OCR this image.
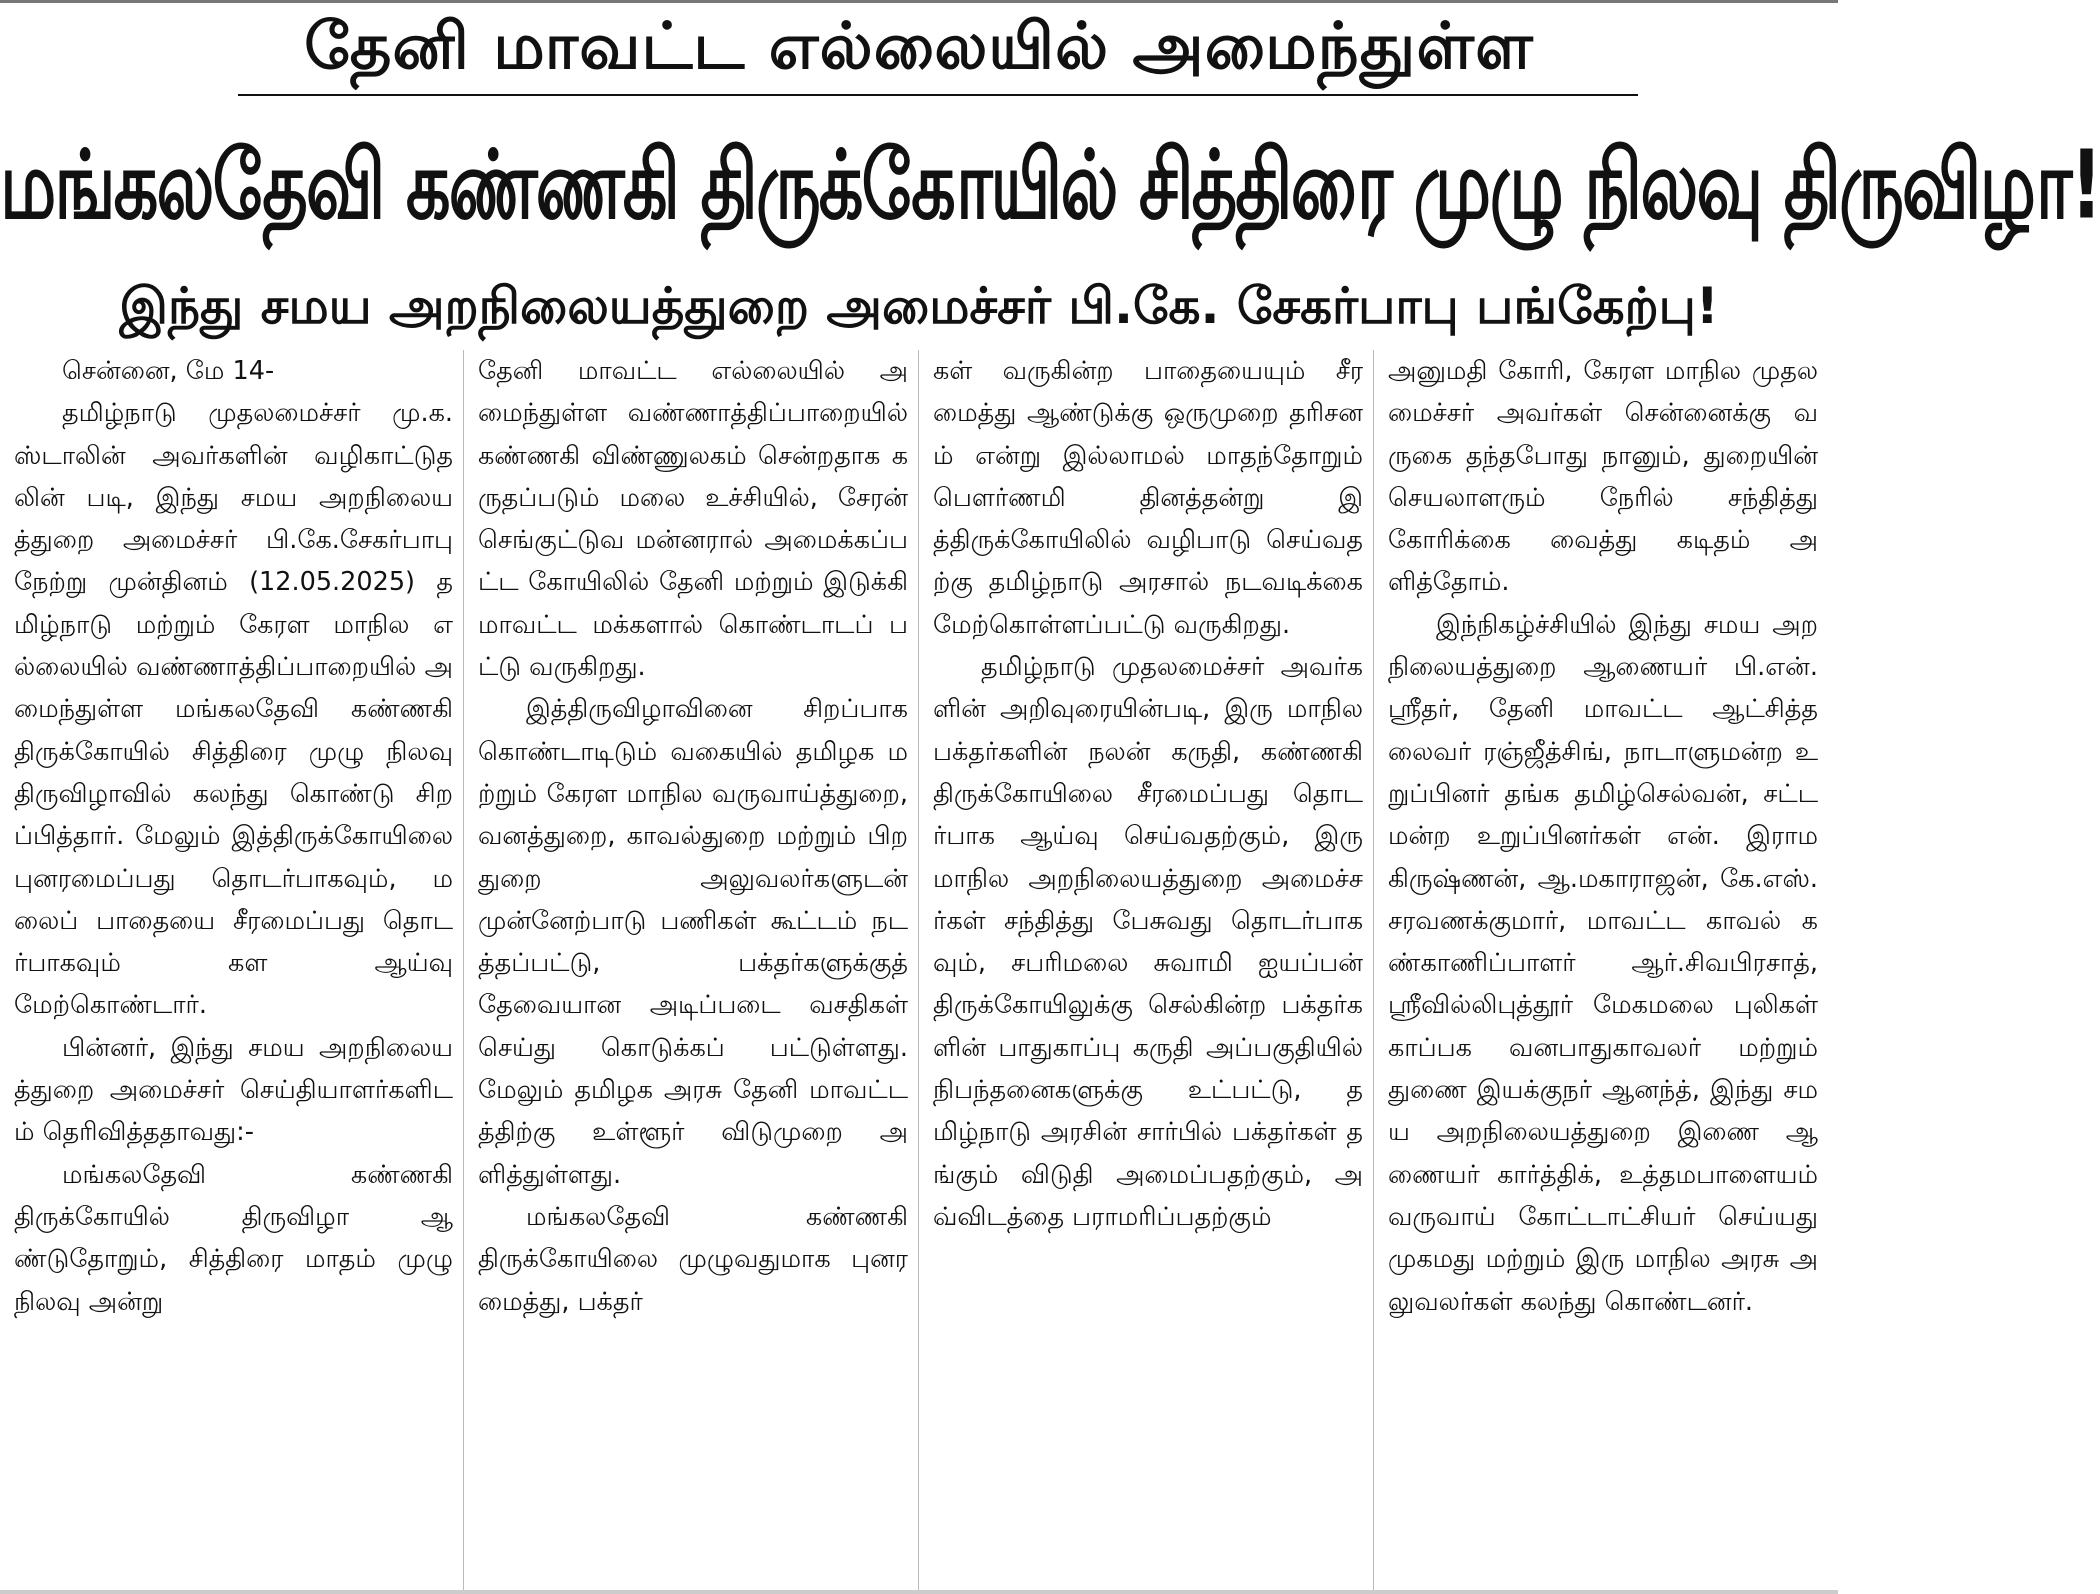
தேனி மாவட்ட எல்லையில் அமைந்துள்ள
மங்கலதேவி கண்ணகி திருக்கோயில் சித்திரை முழு நிலவு திருவிழா!
இந்து சமய அறநிலையத்துறை அமைச்சர் பி.கே. சேகர்பாபு பங்கேற்பு!

சென்னை, மே 14-

தமிழ்நாடு முதலமைச்சர் மு.க.ஸ்டாலின் அவர்களின் வழிகாட்டுதலின் படி, இந்து சமய அறநிலையத்துறை அமைச்சர் பி.கே.சேகர்பாபு நேற்று முன்தினம் (12.05.2025) தமிழ்நாடு மற்றும் கேரள மாநில எல்லையில் வண்ணாத்திப்பாறையில் அமைந்துள்ள மங்கலதேவி கண்ணகி திருக்கோயில் சித்திரை முழு நிலவு திருவிழாவில் கலந்து கொண்டு சிறப்பித்தார். மேலும் இத்திருக்கோயிலை புனரமைப்பது தொடர்பாகவும், மலைப் பாதையை சீரமைப்பது தொடர்பாகவும் கள ஆய்வு மேற்கொண்டார்.

பின்னர், இந்து சமய அறநிலையத்துறை அமைச்சர் செய்தியாளர்களிடம் தெரிவித்ததாவது:-

மங்கலதேவி கண்ணகி திருக்கோயில் திருவிழா ஆண்டுதோறும், சித்திரை மாதம் முழு நிலவு அன்று

தேனி மாவட்ட எல்லையில் அமைந்துள்ள வண்ணாத்திப்பாறையில் கண்ணகி விண்ணுலகம் சென்றதாக கருதப்படும் மலை உச்சியில், சேரன் செங்குட்டுவ மன்னரால் அமைக்கப்பட்ட கோயிலில் தேனி மற்றும் இடுக்கி மாவட்ட மக்களால் கொண்டாடப் பட்டு வருகிறது.

இத்திருவிழாவினை சிறப்பாக கொண்டாடிடும் வகையில் தமிழக மற்றும் கேரள மாநில வருவாய்த்துறை, வனத்துறை, காவல்துறை மற்றும் பிற துறை அலுவலர்களுடன் முன்னேற்பாடு பணிகள் கூட்டம் நடத்தப்பட்டு, பக்தர்களுக்குத் தேவையான அடிப்படை வசதிகள் செய்து கொடுக்கப் பட்டுள்ளது. மேலும் தமிழக அரசு தேனி மாவட்டத்திற்கு உள்ளூர் விடுமுறை அளித்துள்ளது.

மங்கலதேவி கண்ணகி திருக்கோயிலை முழுவதுமாக புனரமைத்து, பக்தர்

கள் வருகின்ற பாதையையும் சீரமைத்து ஆண்டுக்கு ஒருமுறை தரிசனம் என்று இல்லாமல் மாதந்தோறும் பௌர்ணமி தினத்தன்று இத்திருக்கோயிலில் வழிபாடு செய்வதற்கு தமிழ்நாடு அரசால் நடவடிக்கை மேற்கொள்ளப்பட்டு வருகிறது.

தமிழ்நாடு முதலமைச்சர் அவர்களின் அறிவுரையின்படி, இரு மாநில பக்தர்களின் நலன் கருதி, கண்ணகி திருக்கோயிலை சீரமைப்பது தொடர்பாக ஆய்வு செய்வதற்கும், இரு மாநில அறநிலையத்துறை அமைச்சர்கள் சந்தித்து பேசுவது தொடர்பாகவும், சபரிமலை சுவாமி ஐயப்பன் திருக்கோயிலுக்கு செல்கின்ற பக்தர்களின் பாதுகாப்பு கருதி அப்பகுதியில் நிபந்தனைகளுக்கு உட்பட்டு, தமிழ்நாடு அரசின் சார்பில் பக்தர்கள் தங்கும் விடுதி அமைப்பதற்கும், அவ்விடத்தை பராமரிப்பதற்கும்

அனுமதி கோரி, கேரள மாநில முதலமைச்சர் அவர்கள் சென்னைக்கு வருகை தந்தபோது நானும், துறையின் செயலாளரும் நேரில் சந்தித்து கோரிக்கை வைத்து கடிதம் அளித்தோம்.

இந்நிகழ்ச்சியில் இந்து சமய அறநிலையத்துறை ஆணையர் பி.என். ஸ்ரீதர், தேனி மாவட்ட ஆட்சித்தலைவர் ரஞ்ஜீத்சிங், நாடாளுமன்ற உறுப்பினர் தங்க தமிழ்செல்வன், சட்ட மன்ற உறுப்பினர்கள் என். இராமகிருஷ்ணன், ஆ.மகாராஜன், கே.எஸ். சரவணக்குமார், மாவட்ட காவல் கண்காணிப்பாளர் ஆர்.சிவபிரசாத், ஸ்ரீவில்லிபுத்தூர் மேகமலை புலிகள் காப்பக வனபாதுகாவலர் மற்றும் துணை இயக்குநர் ஆனந்த், இந்து சமய அறநிலையத்துறை இணை ஆணையர் கார்த்திக், உத்தமபாளையம் வருவாய் கோட்டாட்சியர் செய்யது முகமது மற்றும் இரு மாநில அரசு அலுவலர்கள் கலந்து கொண்டனர்.
